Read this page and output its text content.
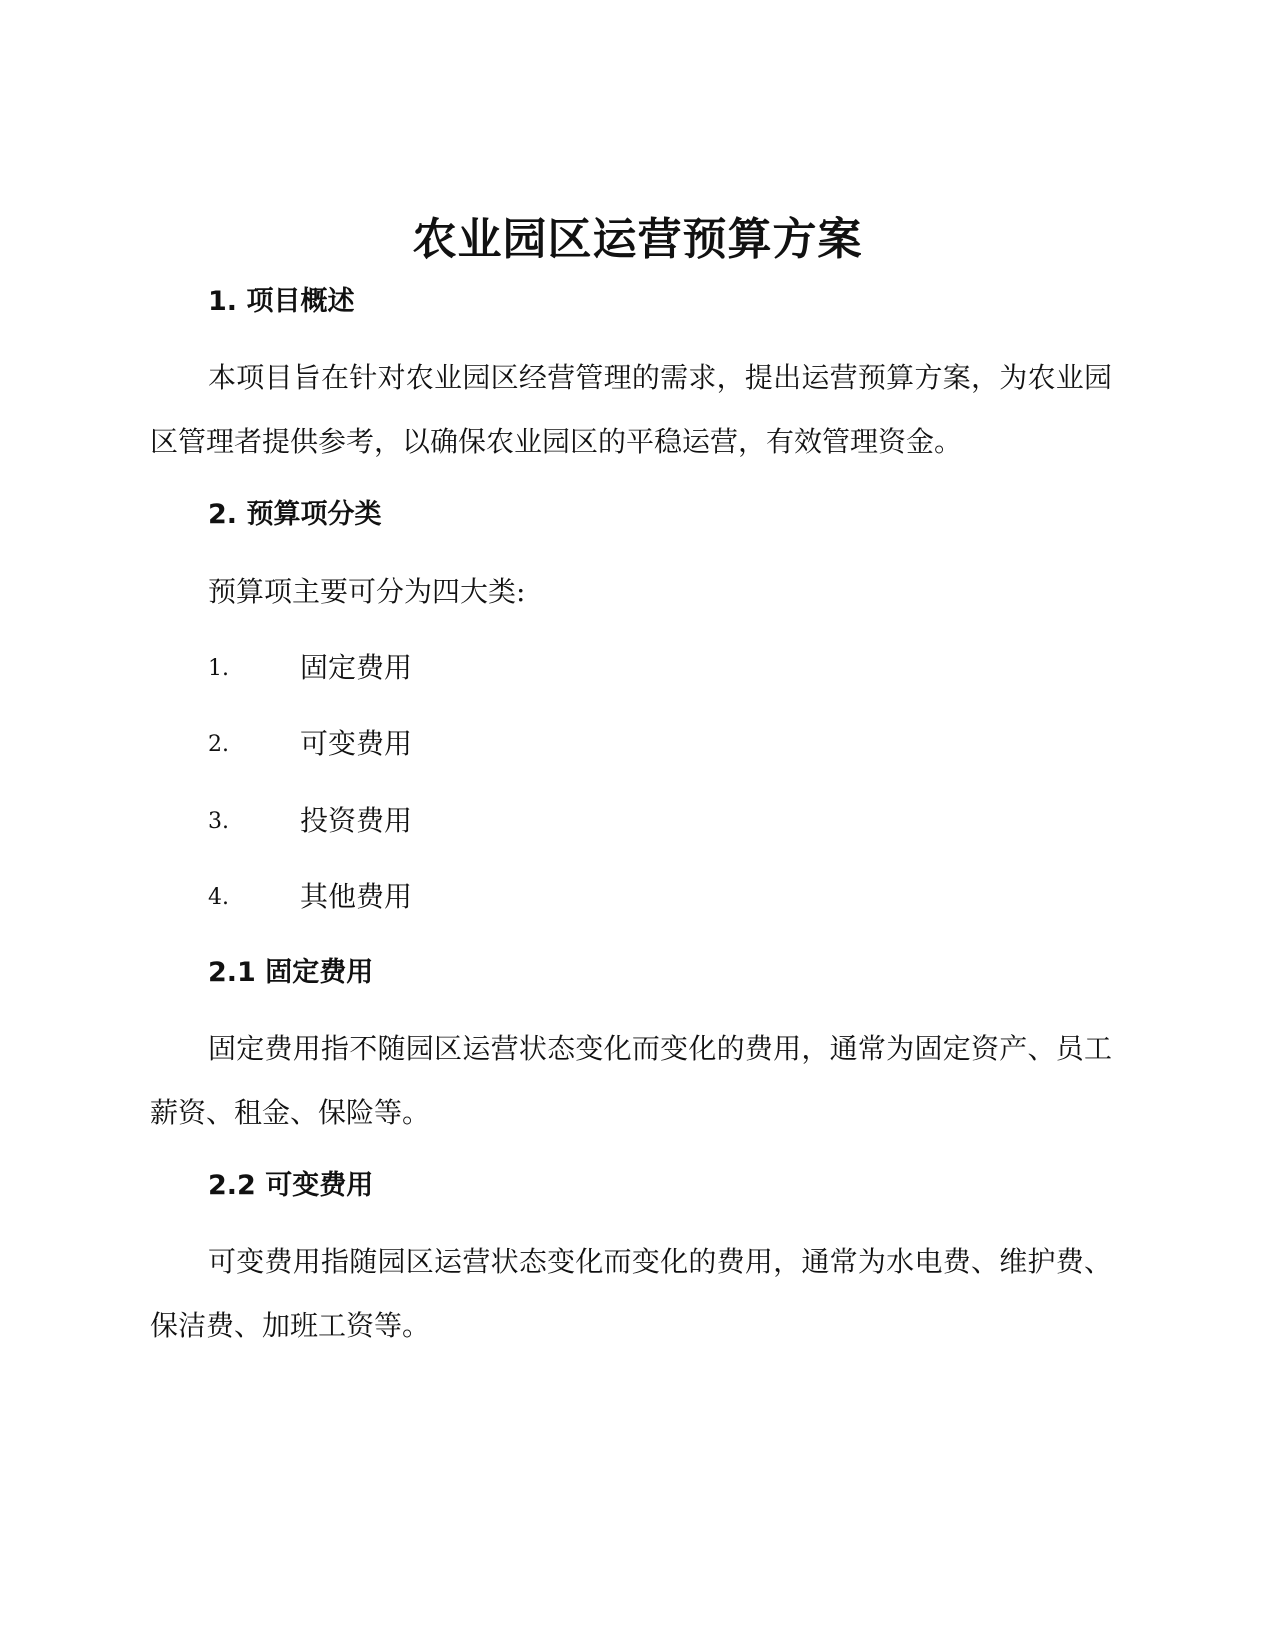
农业园区运营预算方案
1. 项目概述
本项目旨在针对农业园区经营管理的需求，提出运营预算方案，为农业园区管理者提供参考，以确保农业园区的平稳运营，有效管理资金。
2. 预算项分类
预算项主要可分为四大类:
1.	固定费用
2.	可变费用
3.	投资费用
4.	其他费用
2.1 固定费用
固定费用指不随园区运营状态变化而变化的费用，通常为固定资产、员工薪资、租金、保险等。
2.2 可变费用
可变费用指随园区运营状态变化而变化的费用，通常为水电费、维护费、保洁费、加班工资等。
